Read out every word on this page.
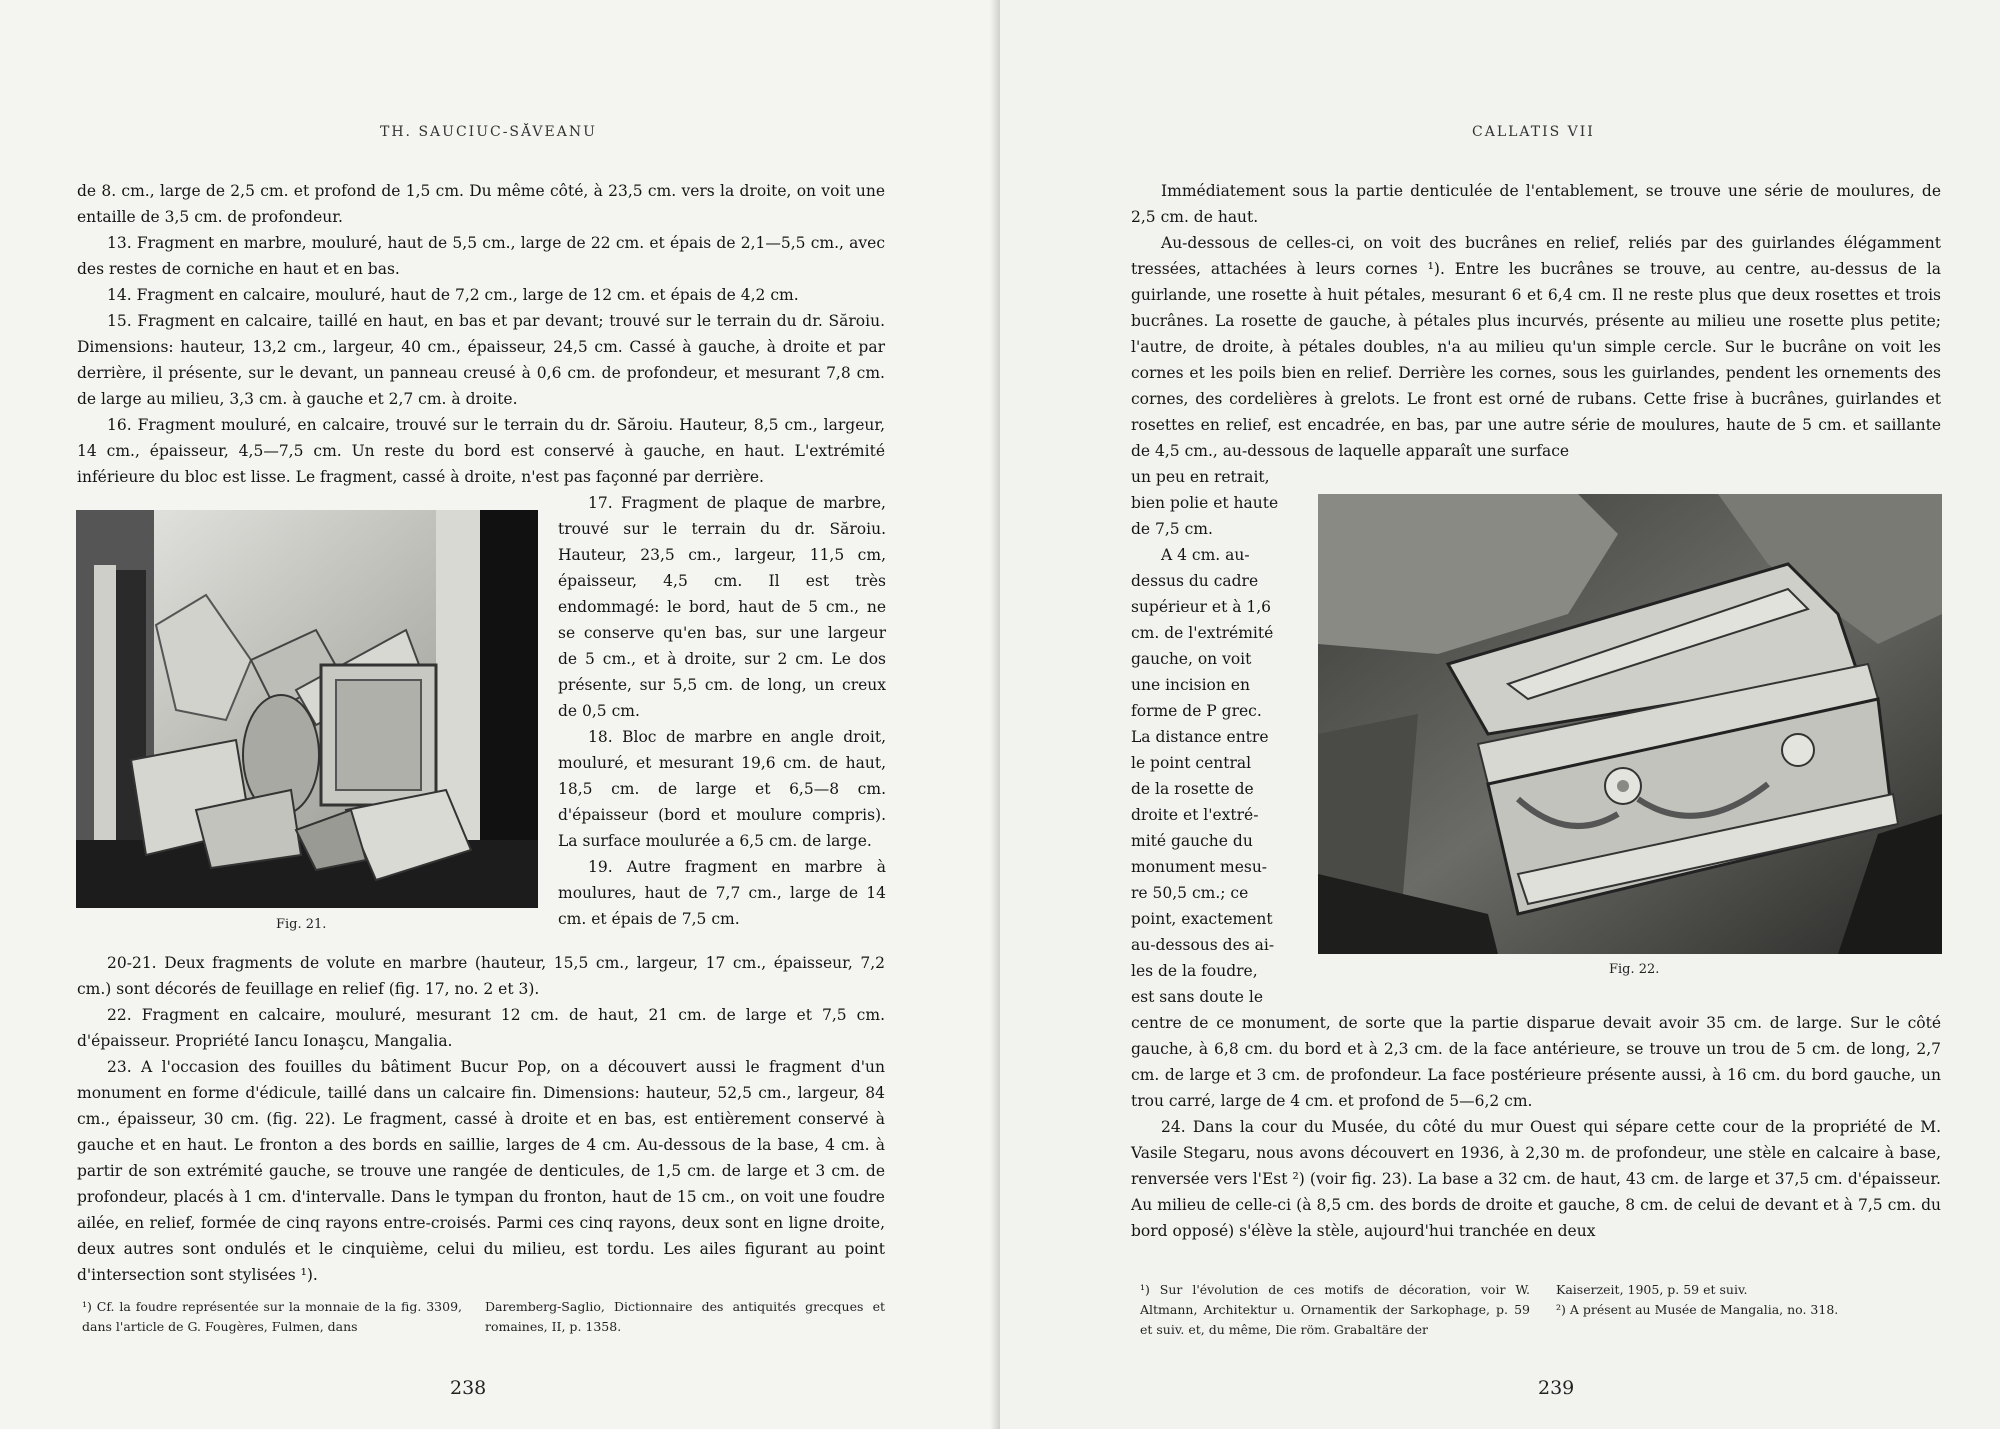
TH. SAUCIUC-SĂVEANU

de 8. cm., large de 2,5 cm. et profond de 1,5 cm. Du même côté, à 23,5 cm. vers la droite, on voit une entaille de 3,5 cm. de profondeur.

13. Fragment en marbre, mouluré, haut de 5,5 cm., large de 22 cm. et épais de 2,1—5,5 cm., avec des restes de corniche en haut et en bas.

14. Fragment en calcaire, mouluré, haut de 7,2 cm., large de 12 cm. et épais de 4,2 cm.

15. Fragment en calcaire, taillé en haut, en bas et par devant; trouvé sur le terrain du dr. Săroiu. Dimensions: hauteur, 13,2 cm., largeur, 40 cm., épaisseur, 24,5 cm. Cassé à gauche, à droite et par derrière, il présente, sur le devant, un panneau creusé à 0,6 cm. de profondeur, et mesurant 7,8 cm. de large au milieu, 3,3 cm. à gauche et 2,7 cm. à droite.

16. Fragment mouluré, en calcaire, trouvé sur le terrain du dr. Săroiu. Hauteur, 8,5 cm., largeur, 14 cm., épaisseur, 4,5—7,5 cm. Un reste du bord est conservé à gauche, en haut. L'extrémité inférieure du bloc est lisse. Le fragment, cassé à droite, n'est pas façonné par derrière.

Fig. 21.

17. Fragment de plaque de marbre, trouvé sur le terrain du dr. Săroiu. Hauteur, 23,5 cm., largeur, 11,5 cm, épaisseur, 4,5 cm. Il est très endommagé: le bord, haut de 5 cm., ne se conserve qu'en bas, sur une largeur de 5 cm., et à droite, sur 2 cm. Le dos présente, sur 5,5 cm. de long, un creux de 0,5 cm.

18. Bloc de marbre en angle droit, mouluré, et mesurant 19,6 cm. de haut, 18,5 cm. de large et 6,5—8 cm. d'épaisseur (bord et moulure compris). La surface moulurée a 6,5 cm. de large.

19. Autre fragment en marbre à moulures, haut de 7,7 cm., large de 14 cm. et épais de 7,5 cm.

20-21. Deux fragments de volute en marbre (hauteur, 15,5 cm., largeur, 17 cm., épaisseur, 7,2 cm.) sont décorés de feuillage en relief (fig. 17, no. 2 et 3).

22. Fragment en calcaire, mouluré, mesurant 12 cm. de haut, 21 cm. de large et 7,5 cm. d'épaisseur. Propriété Iancu Ionaşcu, Mangalia.

23. A l'occasion des fouilles du bâtiment Bucur Pop, on a découvert aussi le fragment d'un monument en forme d'édicule, taillé dans un calcaire fin. Dimensions: hauteur, 52,5 cm., largeur, 84 cm., épaisseur, 30 cm. (fig. 22). Le fragment, cassé à droite et en bas, est entièrement conservé à gauche et en haut. Le fronton a des bords en saillie, larges de 4 cm. Au-dessous de la base, 4 cm. à partir de son extrémité gauche, se trouve une rangée de denticules, de 1,5 cm. de large et 3 cm. de profondeur, placés à 1 cm. d'intervalle. Dans le tympan du fronton, haut de 15 cm., on voit une foudre ailée, en relief, formée de cinq rayons entre-croisés. Parmi ces cinq rayons, deux sont en ligne droite, deux autres sont ondulés et le cinquième, celui du milieu, est tordu. Les ailes figurant au point d'intersection sont stylisées ¹).

¹) Cf. la foudre représentée sur la monnaie de la fig. 3309, dans l'article de G. Fougères, Fulmen, dans

Daremberg-Saglio, Dictionnaire des antiquités grecques et romaines, II, p. 1358.

238
CALLATIS VII

Immédiatement sous la partie denticulée de l'entablement, se trouve une série de moulures, de 2,5 cm. de haut.

Au-dessous de celles-ci, on voit des bucrânes en relief, reliés par des guirlandes élégamment tressées, attachées à leurs cornes ¹). Entre les bucrânes se trouve, au centre, au-dessus de la guirlande, une rosette à huit pétales, mesurant 6 et 6,4 cm. Il ne reste plus que deux rosettes et trois bucrânes. La rosette de gauche, à pétales plus incurvés, présente au milieu une rosette plus petite; l'autre, de droite, à pétales doubles, n'a au milieu qu'un simple cercle. Sur le bucrâne on voit les cornes et les poils bien en relief. Derrière les cornes, sous les guirlandes, pendent les ornements des cornes, des cordelières à grelots. Le front est orné de rubans. Cette frise à bucrânes, guirlandes et rosettes en relief, est encadrée, en bas, par une autre série de moulures, haute de 5 cm. et saillante de 4,5 cm., au-dessous de laquelle apparaît une surface

un peu en retrait,
bien polie et haute
de 7,5 cm.
A 4 cm. au-
dessus du cadre
supérieur et à 1,6
cm. de l'extrémité
gauche, on voit
une incision en
forme de P grec.
La distance entre
le point central
de la rosette de
droite et l'extré-
mité gauche du
monument mesu-
re 50,5 cm.; ce
point, exactement
au-dessous des ai-
les de la foudre,
est sans doute le
Fig. 22.

centre de ce monument, de sorte que la partie disparue devait avoir 35 cm. de large. Sur le côté gauche, à 6,8 cm. du bord et à 2,3 cm. de la face antérieure, se trouve un trou de 5 cm. de long, 2,7 cm. de large et 3 cm. de profondeur. La face postérieure présente aussi, à 16 cm. du bord gauche, un trou carré, large de 4 cm. et profond de 5—6,2 cm.

24. Dans la cour du Musée, du côté du mur Ouest qui sépare cette cour de la propriété de M. Vasile Stegaru, nous avons découvert en 1936, à 2,30 m. de profondeur, une stèle en calcaire à base, renversée vers l'Est ²) (voir fig. 23). La base a 32 cm. de haut, 43 cm. de large et 37,5 cm. d'épaisseur. Au milieu de celle-ci (à 8,5 cm. des bords de droite et gauche, 8 cm. de celui de devant et à 7,5 cm. du bord opposé) s'élève la stèle, aujourd'hui tranchée en deux

¹) Sur l'évolution de ces motifs de décoration, voir W. Altmann, Architektur u. Ornamentik der Sarkophage, p. 59 et suiv. et, du même, Die röm. Grabaltäre der

Kaiserzeit, 1905, p. 59 et suiv.

²) A présent au Musée de Mangalia, no. 318.

239
